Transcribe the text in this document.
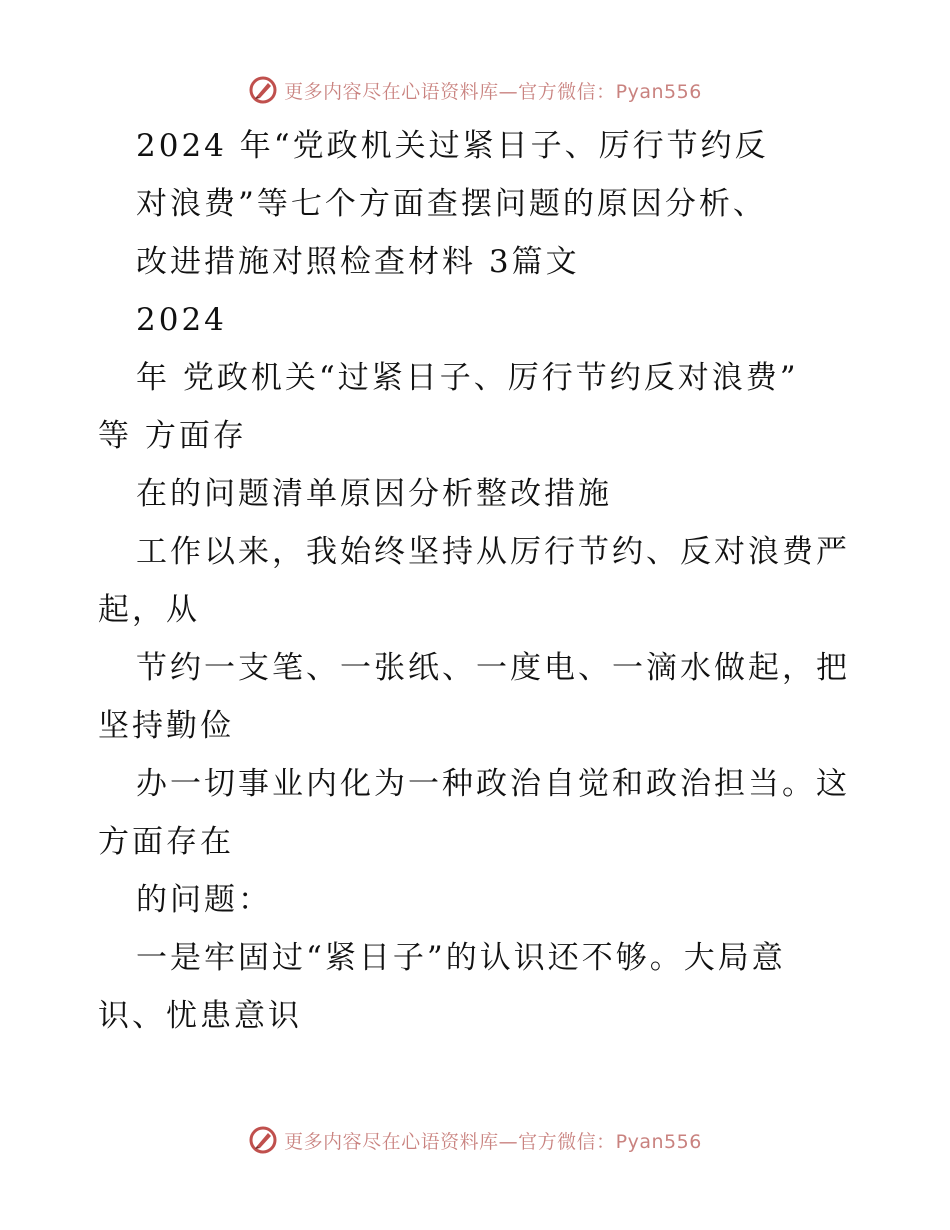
更多内容尽在心语资料库—官方微信：Pyan556
2024 年“党政机关过紧日子、厉行节约反
对浪费”等七个方面查摆问题的原因分析、
改进措施对照检查材料 3篇文
2024
年 党政机关“过紧日子、厉行节约反对浪费”
等 方面存
在的问题清单原因分析整改措施
工作以来，我始终坚持从厉行节约、反对浪费严
起，从
节约一支笔、一张纸、一度电、一滴水做起，把
坚持勤俭
办一切事业内化为一种政治自觉和政治担当。这
方面存在
的问题：
一是牢固过“紧日子”的认识还不够。大局意
识、忧患意识
更多内容尽在心语资料库—官方微信：Pyan556
